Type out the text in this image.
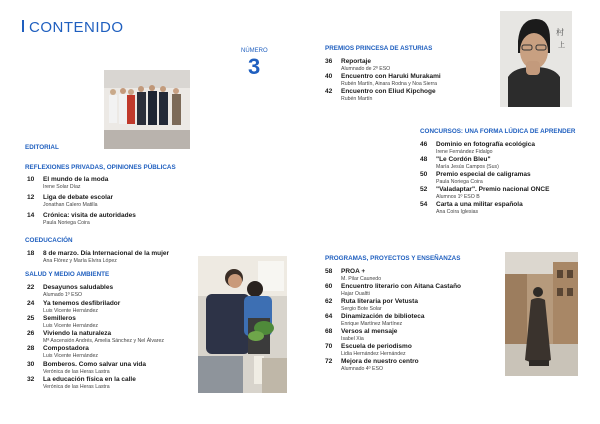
CONTENIDO
NÚMERO
3
EDITORIAL
REFLEXIONES PRIVADAS, OPINIONES PÚBLICAS
10	El mundo de la moda
Irene Solar Díaz
12	Liga de debate escolar
Jonathan Calero Matilla
14	Crónica: visita de autoridades
Paula Noriega Coira
COEDUCACIÓN
18	8 de marzo. Día Internacional de la mujer
Ana Flórez y María Elvira López
SALUD Y MEDIO AMBIENTE
22	Desayunos saludables
Alumado 1º ESO
24	Ya tenemos desfibrilador
Luis Vicente Hernández
25	Semilleros
Luis Vicente Hernández
26	Viviendo la naturaleza
Mª Ascensión Andrés, Amelia Sánchez y Nel Álvarez
28	Compostadora
Luis Vicente Hernández
30	Bomberos. Como salvar una vida
Verónica de las Heras Lastra
32	La educación física en la calle
Verónica de las Heras Lastra
PREMIOS PRINCESA DE ASTURIAS
36	Reportaje
Alumnado de 2º ESO
40	Encuentro con Haruki Murakami
Rubén Martín, Ainara Rodna y Noa Sierra
42	Encuentro con Eliud Kipchoge
Rubén Martín
村
上
CONCURSOS: UNA FORMA LÚDICA DE APRENDER
46	Dominio en fotografía ecológica
Irene Fernández Fidalgo
48	"Le Cordón Bleu"
María Jesús Campos (Sus)
50	Premio especial de caligramas
Paula Noriega Coira
52	"Valadaptar". Premio nacional ONCE
Alumnos 1º ESO B
54	Carta a una militar española
Ana Coira Iglesias
PROGRAMAS, PROYECTOS Y ENSEÑANZAS
58	PROA +
M. Pilar Caunedo
60	Encuentro literario con Aitana Castaño
Hajar Oualtti
62	Ruta literaria por Vetusta
Sergio Bote Solar
64	Dinamización de biblioteca
Enrique Martínez Martínez
68	Versos al mensaje
Isabel Xia
70	Escuela de periodismo
Lidia Hernández Hernández
72	Mejora de nuestro centro
Alumnado 4º ESO
